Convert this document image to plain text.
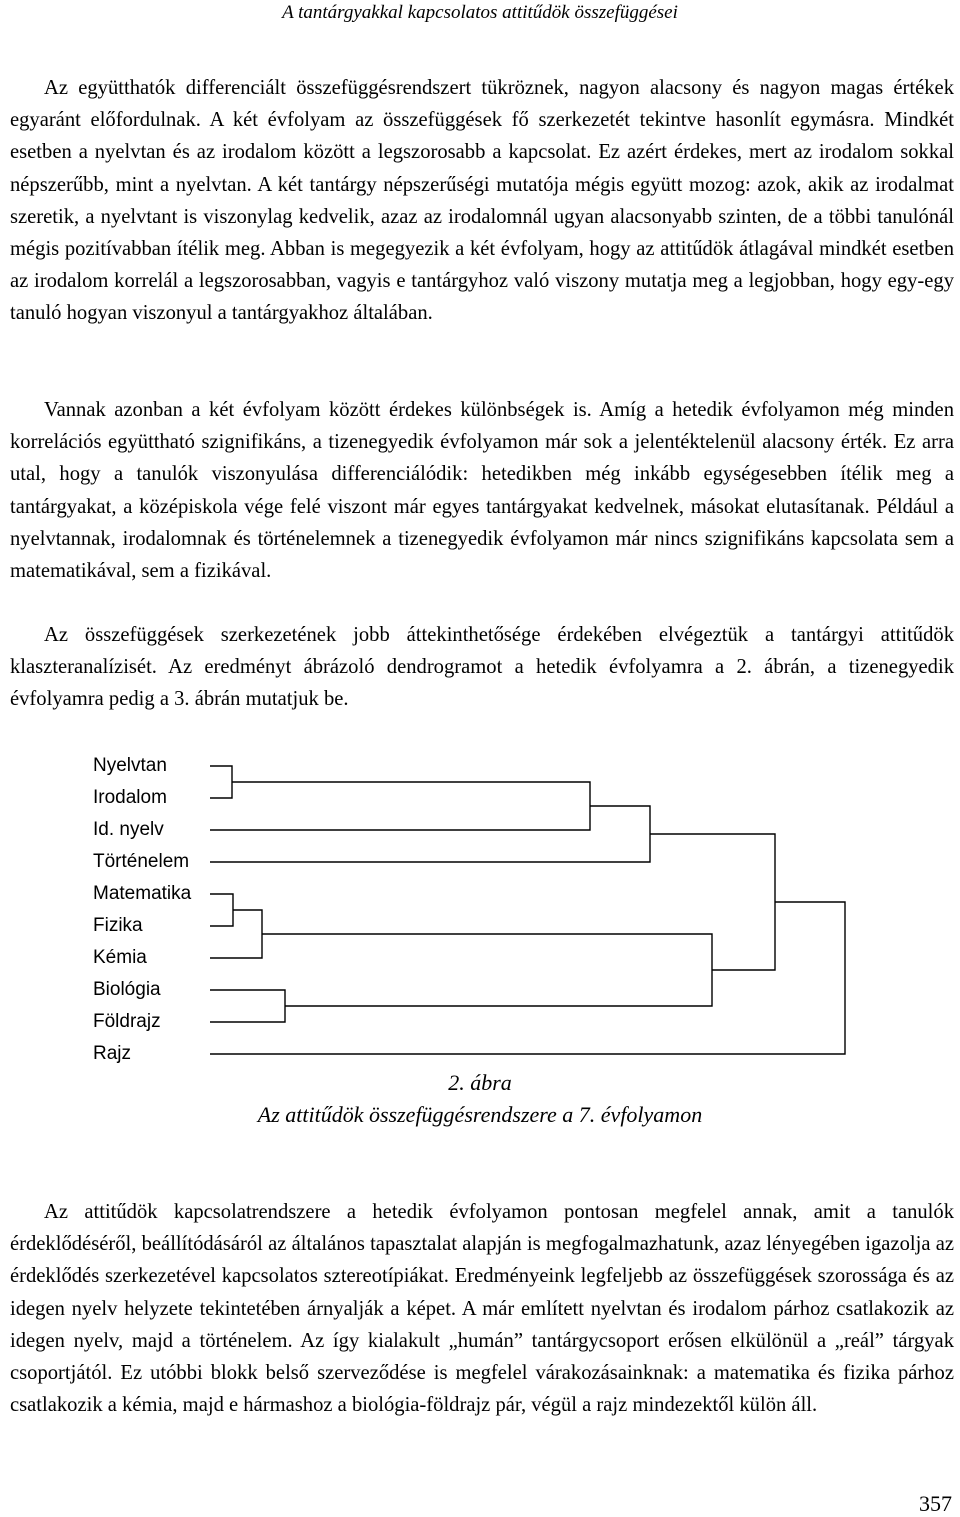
A tantárgyakkal kapcsolatos attitűdök összefüggései

Az együtthatók differenciált összefüggésrendszert tükröznek, nagyon alacsony és nagyon magas értékek egyaránt előfordulnak. A két évfolyam az összefüggések fő szerkezetét tekintve hasonlít egymásra. Mindkét esetben a nyelvtan és az irodalom között a legszorosabb a kapcsolat. Ez azért érdekes, mert az irodalom sokkal népszerűbb, mint a nyelvtan. A két tantárgy népszerűségi mutatója mégis együtt mozog: azok, akik az irodalmat szeretik, a nyelvtant is viszonylag kedvelik, azaz az irodalomnál ugyan alacsonyabb szinten, de a többi tanulónál mégis pozitívabban ítélik meg. Abban is megegyezik a két évfolyam, hogy az attitűdök átlagával mindkét esetben az irodalom korrelál a legszorosabban, vagyis e tantárgyhoz való viszony mutatja meg a legjobban, hogy egy-egy tanuló hogyan viszonyul a tantárgyakhoz általában.

Vannak azonban a két évfolyam között érdekes különbségek is. Amíg a hetedik évfolyamon még minden korrelációs együttható szignifikáns, a tizenegyedik évfolyamon már sok a jelentéktelenül alacsony érték. Ez arra utal, hogy a tanulók viszonyulása differenciálódik: hetedikben még inkább egységesebben ítélik meg a tantárgyakat, a középiskola vége felé viszont már egyes tantárgyakat kedvelnek, másokat elutasítanak. Például a nyelvtannak, irodalomnak és történelemnek a tizenegyedik évfolyamon már nincs szignifikáns kapcsolata sem a matematikával, sem a fizikával.

Az összefüggések szerkezetének jobb áttekinthetősége érdekében elvégeztük a tantárgyi attitűdök klaszteranalízisét. Az eredményt ábrázoló dendrogramot a hetedik évfolyamra a 2. ábrán, a tizenegyedik évfolyamra pedig a 3. ábrán mutatjuk be.

Nyelvtan
Irodalom
Id. nyelv
Történelem
Matematika
Fizika
Kémia
Biológia
Földrajz
Rajz
2. ábra
Az attitűdök összefüggésrendszere a 7. évfolyamon

Az attitűdök kapcsolatrendszere a hetedik évfolyamon pontosan megfelel annak, amit a tanulók érdeklődéséről, beállítódásáról az általános tapasztalat alapján is megfogalmazhatunk, azaz lényegében igazolja az érdeklődés szerkezetével kapcsolatos sztereotípiákat. Eredményeink legfeljebb az összefüggések szorossága és az idegen nyelv helyzete tekintetében árnyalják a képet. A már említett nyelvtan és irodalom párhoz csatlakozik az idegen nyelv, majd a történelem. Az így kialakult „humán” tantárgycsoport erősen elkülönül a „reál” tárgyak csoportjától. Ez utóbbi blokk belső szerveződése is megfelel várakozásainknak: a matematika és fizika párhoz csatlakozik a kémia, majd e hármashoz a biológia-földrajz pár, végül a rajz mindezektől külön áll.

357
